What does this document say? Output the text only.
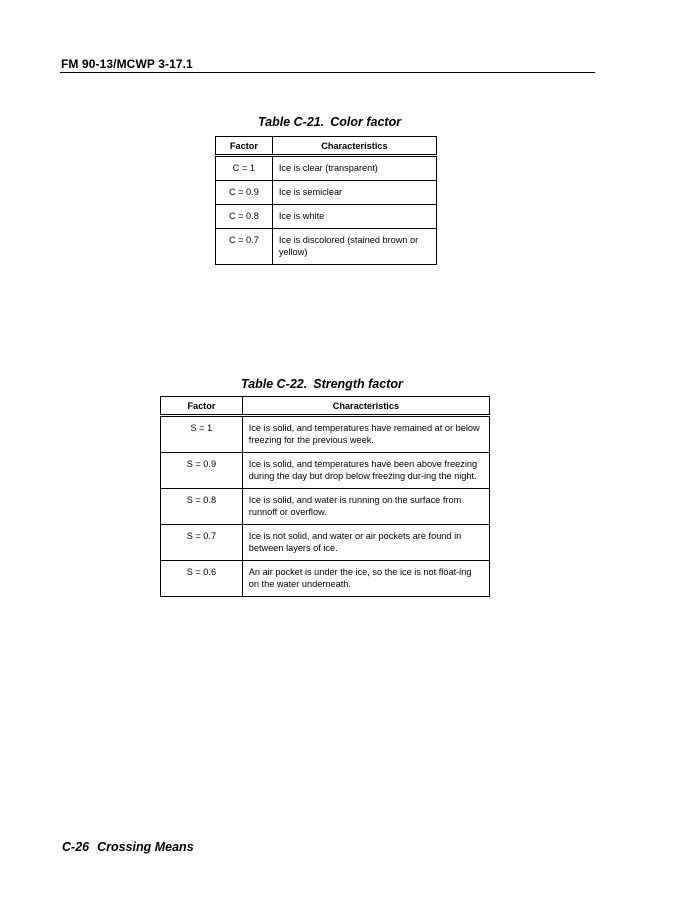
FM 90-13/MCWP 3-17.1
Table C-21. Color factor
Factor	Characteristics
C = 1	Ice is clear (transparent)
C = 0.9	Ice is semiclear
C = 0.8	Ice is white
C = 0.7	Ice is discolored (stained brown or yellow)
Table C-22. Strength factor
Factor	Characteristics
S = 1	Ice is solid, and temperatures have remained at or below freezing for the previous week.
S = 0.9	Ice is solid, and temperatures have been above freezing during the day but drop below freezing dur-ing the night.
S = 0.8	Ice is solid, and water is running on the surface from runnoff or overflow.
S = 0.7	Ice is not solid, and water or air pockets are found in between layers of ice.
S = 0.6	An air pocket is under the ice, so the ice is not float-ing on the water underneath.
C-26 Crossing Means
